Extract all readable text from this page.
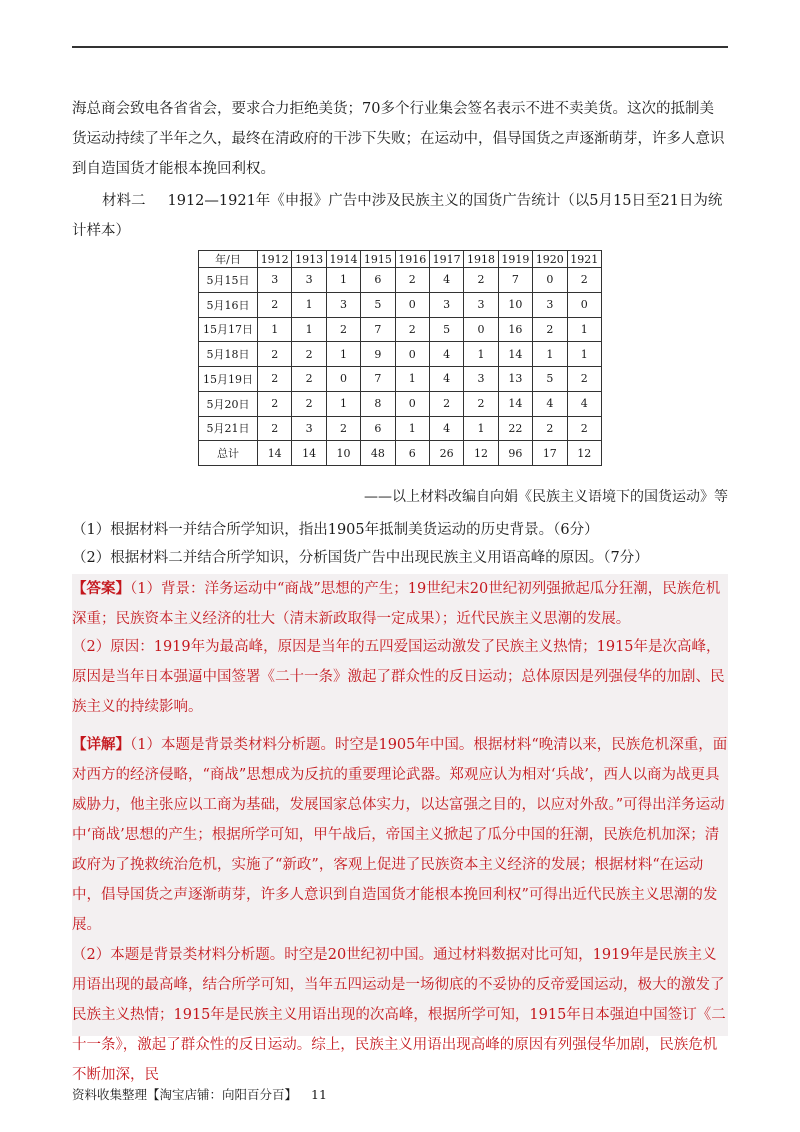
海总商会致电各省省会，要求合力拒绝美货；70多个行业集会签名表示不进不卖美货。这次的抵制美货运动持续了半年之久，最终在清政府的干涉下失败；在运动中，倡导国货之声逐渐萌芽，许多人意识到自造国货才能根本挽回利权。
材料二 1912—1921年《申报》广告中涉及民族主义的国货广告统计（以5月15日至21日为统计样本）
年/日	1912	1913	1914	1915	1916	1917	1918	1919	1920	1921
5月15日	3	3	1	6	2	4	2	7	0	2
5月16日	2	1	3	5	0	3	3	10	3	0
15月17日	1	1	2	7	2	5	0	16	2	1
5月18日	2	2	1	9	0	4	1	14	1	1
15月19日	2	2	0	7	1	4	3	13	5	2
5月20日	2	2	1	8	0	2	2	14	4	4
5月21日	2	3	2	6	1	4	1	22	2	2
总计	14	14	10	48	6	26	12	96	17	12
——以上材料改编自向娟《民族主义语境下的国货运动》等
（1）根据材料一并结合所学知识，指出1905年抵制美货运动的历史背景。（6分）
（2）根据材料二并结合所学知识，分析国货广告中出现民族主义用语高峰的原因。（7分）
【答案】（1）背景：洋务运动中“商战”思想的产生；19世纪末20世纪初列强掀起瓜分狂潮，民族危机深重；民族资本主义经济的壮大（清末新政取得一定成果）；近代民族主义思潮的发展。
（2）原因：1919年为最高峰，原因是当年的五四爱国运动激发了民族主义热情；1915年是次高峰，原因是当年日本强逼中国签署《二十一条》激起了群众性的反日运动；总体原因是列强侵华的加剧、民族主义的持续影响。
【详解】（1）本题是背景类材料分析题。时空是1905年中国。根据材料“晚清以来，民族危机深重，面对西方的经济侵略，“商战”思想成为反抗的重要理论武器。郑观应认为相对‘兵战’，西人以商为战更具威胁力，他主张应以工商为基础，发展国家总体实力，以达富强之目的，以应对外敌。”可得出洋务运动中‘商战’思想的产生；根据所学可知，甲午战后，帝国主义掀起了瓜分中国的狂潮，民族危机加深；清政府为了挽救统治危机，实施了“新政”，客观上促进了民族资本主义经济的发展；根据材料“在运动中，倡导国货之声逐渐萌芽，许多人意识到自造国货才能根本挽回利权”可得出近代民族主义思潮的发展。
（2）本题是背景类材料分析题。时空是20世纪初中国。通过材料数据对比可知，1919年是民族主义用语出现的最高峰，结合所学可知，当年五四运动是一场彻底的不妥协的反帝爱国运动，极大的激发了民族主义热情；1915年是民族主义用语出现的次高峰，根据所学可知，1915年日本强迫中国签订《二十一条》，激起了群众性的反日运动。综上，民族主义用语出现高峰的原因有列强侵华加剧，民族危机不断加深，民
资料收集整理【淘宝店铺：向阳百分百】 11
